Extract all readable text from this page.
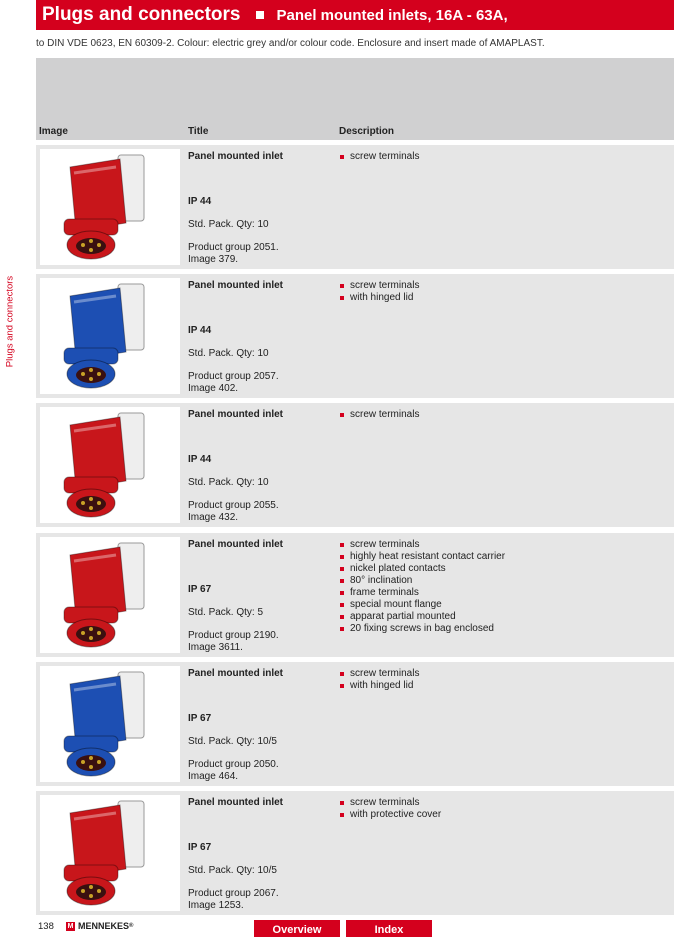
Plugs and connectors Panel mounted inlets, 16A - 63A,
to DIN VDE 0623, EN 60309-2. Colour: electric grey and/or colour code. Enclosure and insert made of AMAPLAST.
Image	Title	Description
Plugs and connectors
Panel mounted inlet
IP 44
Std. Pack. Qty: 10
Product group 2051.
Image 379.
screw terminals
Panel mounted inlet
IP 44
Std. Pack. Qty: 10
Product group 2057.
Image 402.
screw terminals
with hinged lid
Panel mounted inlet
IP 44
Std. Pack. Qty: 10
Product group 2055.
Image 432.
screw terminals
Panel mounted inlet
IP 67
Std. Pack. Qty: 5
Product group 2190.
Image 3611.
screw terminals
highly heat resistant contact carrier
nickel plated contacts
80° inclination
frame terminals
special mount flange
apparat partial mounted
20 fixing screws in bag enclosed
Panel mounted inlet
IP 67
Std. Pack. Qty: 10/5
Product group 2050.
Image 464.
screw terminals
with hinged lid
Panel mounted inlet
IP 67
Std. Pack. Qty: 10/5
Product group 2067.
Image 1253.
screw terminals
with protective cover
138 M MENNEKES ®	Overview	Index
